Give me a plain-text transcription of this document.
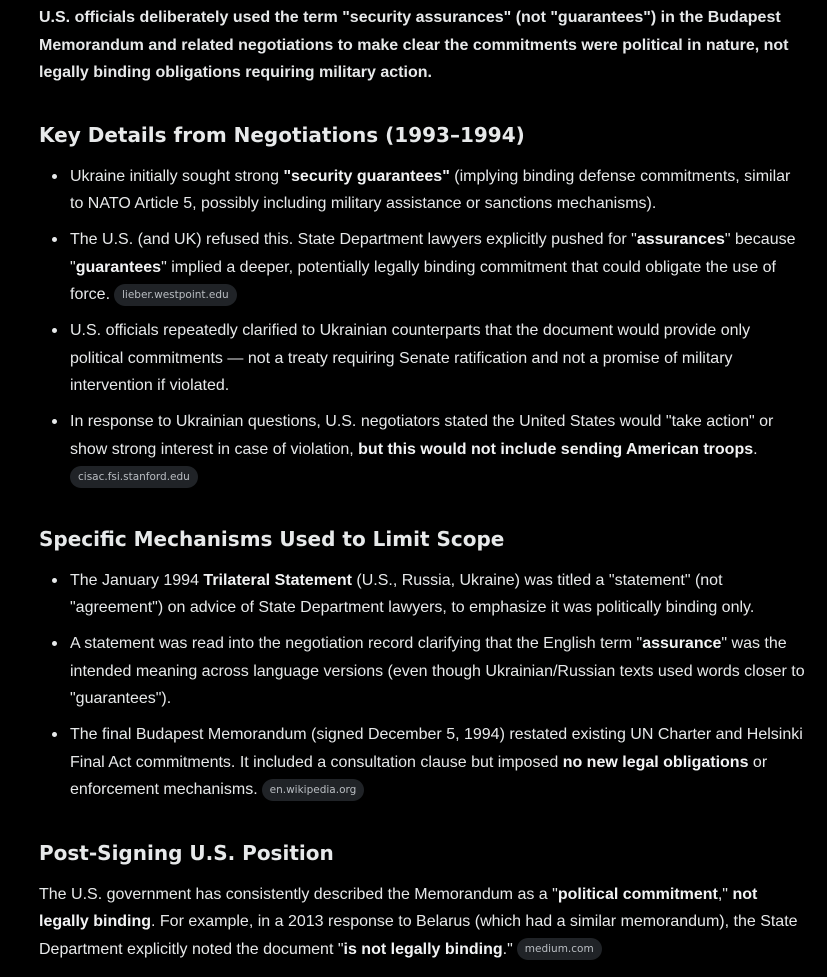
U.S. officials deliberately used the term "security assurances" (not "guarantees") in the Budapest Memorandum and related negotiations to make clear the commitments were political in nature, not legally binding obligations requiring military action.

Key Details from Negotiations (1993–1994)
Ukraine initially sought strong "security guarantees" (implying binding defense commitments, similar to NATO Article 5, possibly including military assistance or sanctions mechanisms).
The U.S. (and UK) refused this. State Department lawyers explicitly pushed for "assurances" because "guarantees" implied a deeper, potentially legally binding commitment that could obligate the use of force. lieber.westpoint.edu
U.S. officials repeatedly clarified to Ukrainian counterparts that the document would provide only political commitments — not a treaty requiring Senate ratification and not a promise of military intervention if violated.
In response to Ukrainian questions, U.S. negotiators stated the United States would "take action" or show strong interest in case of violation, but this would not include sending American troops.
cisac.fsi.stanford.edu
Specific Mechanisms Used to Limit Scope
The January 1994 Trilateral Statement (U.S., Russia, Ukraine) was titled a "statement" (not "agreement") on advice of State Department lawyers, to emphasize it was politically binding only.
A statement was read into the negotiation record clarifying that the English term "assurance" was the intended meaning across language versions (even though Ukrainian/Russian texts used words closer to "guarantees").
The final Budapest Memorandum (signed December 5, 1994) restated existing UN Charter and Helsinki Final Act commitments. It included a consultation clause but imposed no new legal obligations or enforcement mechanisms. en.wikipedia.org
Post-Signing U.S. Position

The U.S. government has consistently described the Memorandum as a "political commitment," not legally binding. For example, in a 2013 response to Belarus (which had a similar memorandum), the State Department explicitly noted the document "is not legally binding." medium.com
